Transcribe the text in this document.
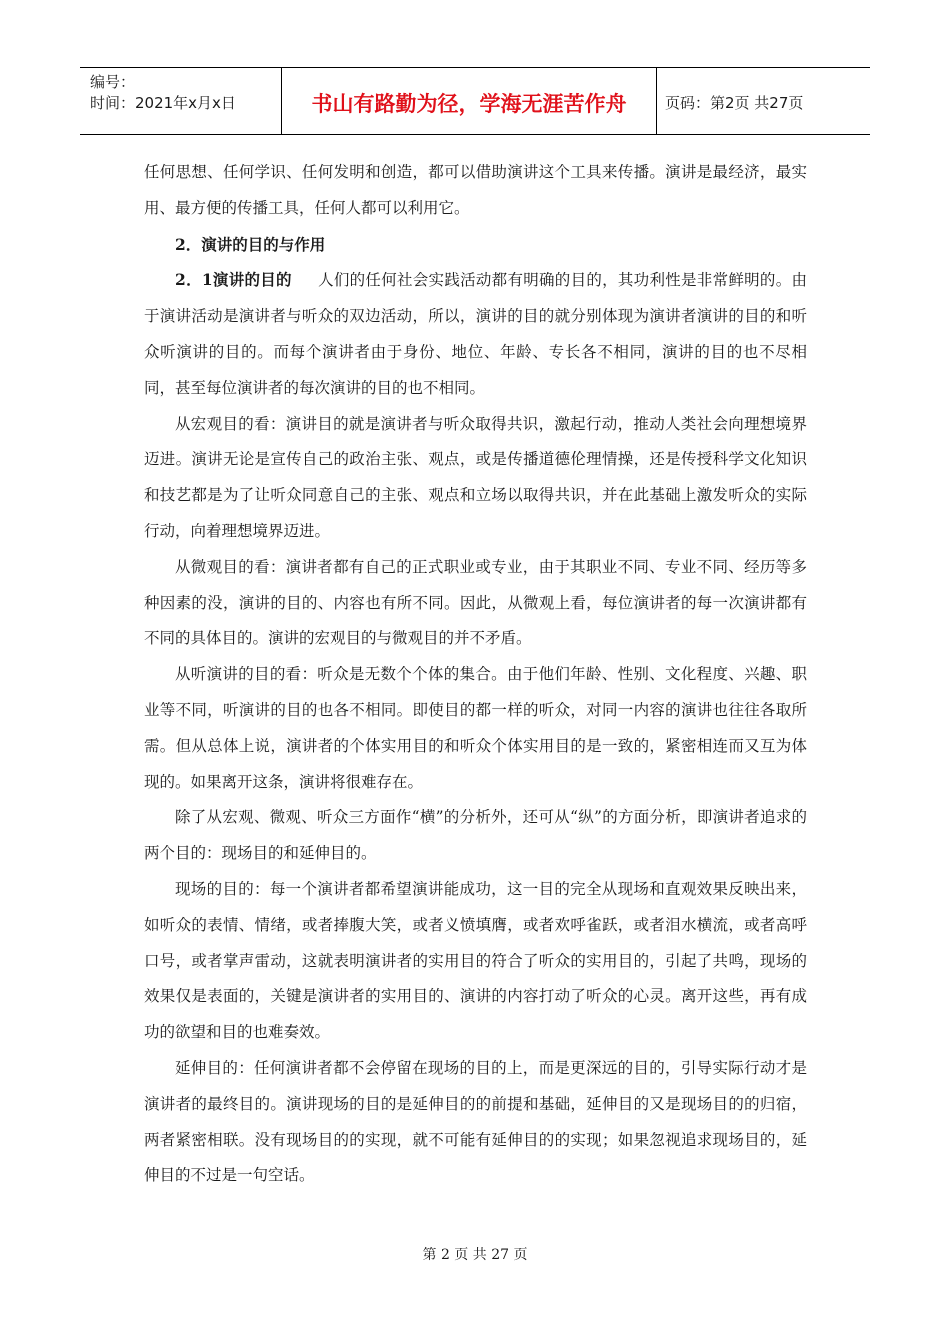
编号：
时间：2021年x月x日	书山有路勤为径，学海无涯苦作舟	页码：第2页 共27页

任何思想、任何学识、任何发明和创造，都可以借助演讲这个工具来传播。演讲是最经济，最实用、最方便的传播工具，任何人都可以利用它。

2．演讲的目的与作用

2．1演讲的目的 人们的任何社会实践活动都有明确的目的，其功利性是非常鲜明的。由于演讲活动是演讲者与听众的双边活动，所以，演讲的目的就分别体现为演讲者演讲的目的和听众听演讲的目的。而每个演讲者由于身份、地位、年龄、专长各不相同，演讲的目的也不尽相同，甚至每位演讲者的每次演讲的目的也不相同。

从宏观目的看：演讲目的就是演讲者与听众取得共识，激起行动，推动人类社会向理想境界迈进。演讲无论是宣传自己的政治主张、观点，或是传播道德伦理情操，还是传授科学文化知识和技艺都是为了让听众同意自己的主张、观点和立场以取得共识，并在此基础上激发听众的实际行动，向着理想境界迈进。

从微观目的看：演讲者都有自己的正式职业或专业，由于其职业不同、专业不同、经历等多种因素的没，演讲的目的、内容也有所不同。因此，从微观上看，每位演讲者的每一次演讲都有不同的具体目的。演讲的宏观目的与微观目的并不矛盾。

从听演讲的目的看：听众是无数个个体的集合。由于他们年龄、性别、文化程度、兴趣、职业等不同，听演讲的目的也各不相同。即使目的都一样的听众，对同一内容的演讲也往往各取所需。但从总体上说，演讲者的个体实用目的和听众个体实用目的是一致的，紧密相连而又互为体现的。如果离开这条，演讲将很难存在。

除了从宏观、微观、听众三方面作“横”的分析外，还可从“纵”的方面分析，即演讲者追求的两个目的：现场目的和延伸目的。

现场的目的：每一个演讲者都希望演讲能成功，这一目的完全从现场和直观效果反映出来，如听众的表情、情绪，或者捧腹大笑，或者义愤填膺，或者欢呼雀跃，或者泪水横流，或者高呼口号，或者掌声雷动，这就表明演讲者的实用目的符合了听众的实用目的，引起了共鸣，现场的效果仅是表面的，关键是演讲者的实用目的、演讲的内容打动了听众的心灵。离开这些，再有成功的欲望和目的也难奏效。

延伸目的：任何演讲者都不会停留在现场的目的上，而是更深远的目的，引导实际行动才是演讲者的最终目的。演讲现场的目的是延伸目的的前提和基础，延伸目的又是现场目的的归宿，两者紧密相联。没有现场目的的实现，就不可能有延伸目的的实现；如果忽视追求现场目的，延伸目的不过是一句空话。

第 2 页 共 27 页
